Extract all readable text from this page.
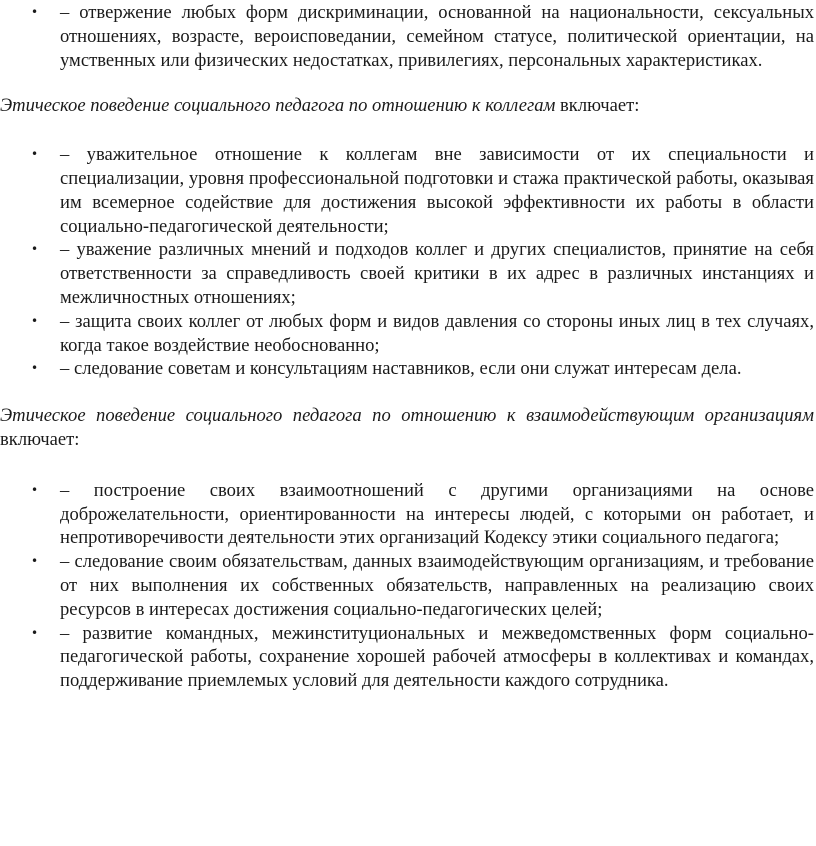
• – отвержение любых форм дискриминации, основанной на национальности, сексуальных отношениях, возрасте, вероисповедании, семейном статусе, политической ориентации, на умственных или физических недостатках, привилегиях, персональных характеристиках.

Этическое поведение социального педагога по отношению к коллегам включает:

• – уважительное отношение к коллегам вне зависимости от их специальности и специализации, уровня профессиональной подготовки и стажа практической работы, оказывая им всемерное содействие для достижения высокой эффективности их работы в области социально-педагогической деятельности;
• – уважение различных мнений и подходов коллег и других специалистов, принятие на себя ответственности за справедливость своей критики в их адрес в различных инстанциях и межличностных отношениях;
• – защита своих коллег от любых форм и видов давления со стороны иных лиц в тех случаях, когда такое воздействие необоснованно;
• – следование советам и консультациям наставников, если они служат интересам дела.

Этическое поведение социального педагога по отношению к взаимодействующим организациям включает:

• – построение своих взаимоотношений с другими организациями на основе доброжелательности, ориентированности на интересы людей, с которыми он работает, и непротиворечивости деятельности этих организаций Кодексу этики социального педагога;
• – следование своим обязательствам, данных взаимодействующим организациям, и требование от них выполнения их собственных обязательств, направленных на реализацию своих ресурсов в интересах достижения социально-педагогических целей;
• – развитие командных, межинституциональных и межведомственных форм социально-педагогической работы, сохранение хорошей рабочей атмосферы в коллективах и командах, поддерживание приемлемых условий для деятельности каждого сотрудника.
